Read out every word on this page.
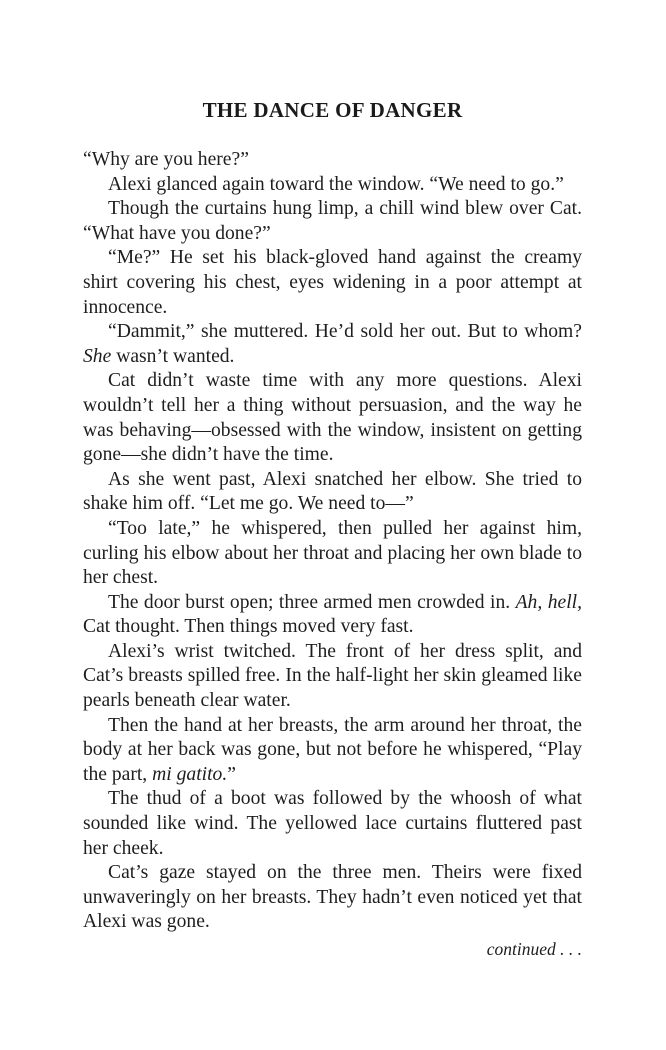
THE DANCE OF DANGER

“Why are you here?”

Alexi glanced again toward the window. “We need to go.”

Though the curtains hung limp, a chill wind blew over Cat. “What have you done?”

“Me?” He set his black-gloved hand against the creamy shirt covering his chest, eyes widening in a poor attempt at innocence.

“Dammit,” she muttered. He’d sold her out. But to whom? She wasn’t wanted.

Cat didn’t waste time with any more questions. Alexi wouldn’t tell her a thing without persuasion, and the way he was behaving—obsessed with the window, insistent on getting gone—she didn’t have the time.

As she went past, Alexi snatched her elbow. She tried to shake him off. “Let me go. We need to—”

“Too late,” he whispered, then pulled her against him, curling his elbow about her throat and placing her own blade to her chest.

The door burst open; three armed men crowded in. Ah, hell, Cat thought. Then things moved very fast.

Alexi’s wrist twitched. The front of her dress split, and Cat’s breasts spilled free. In the half-light her skin gleamed like pearls beneath clear water.

Then the hand at her breasts, the arm around her throat, the body at her back was gone, but not before he whispered, “Play the part, mi gatito.”

The thud of a boot was followed by the whoosh of what sounded like wind. The yellowed lace curtains fluttered past her cheek.

Cat’s gaze stayed on the three men. Theirs were fixed unwaveringly on her breasts. They hadn’t even noticed yet that Alexi was gone.

continued . . .
